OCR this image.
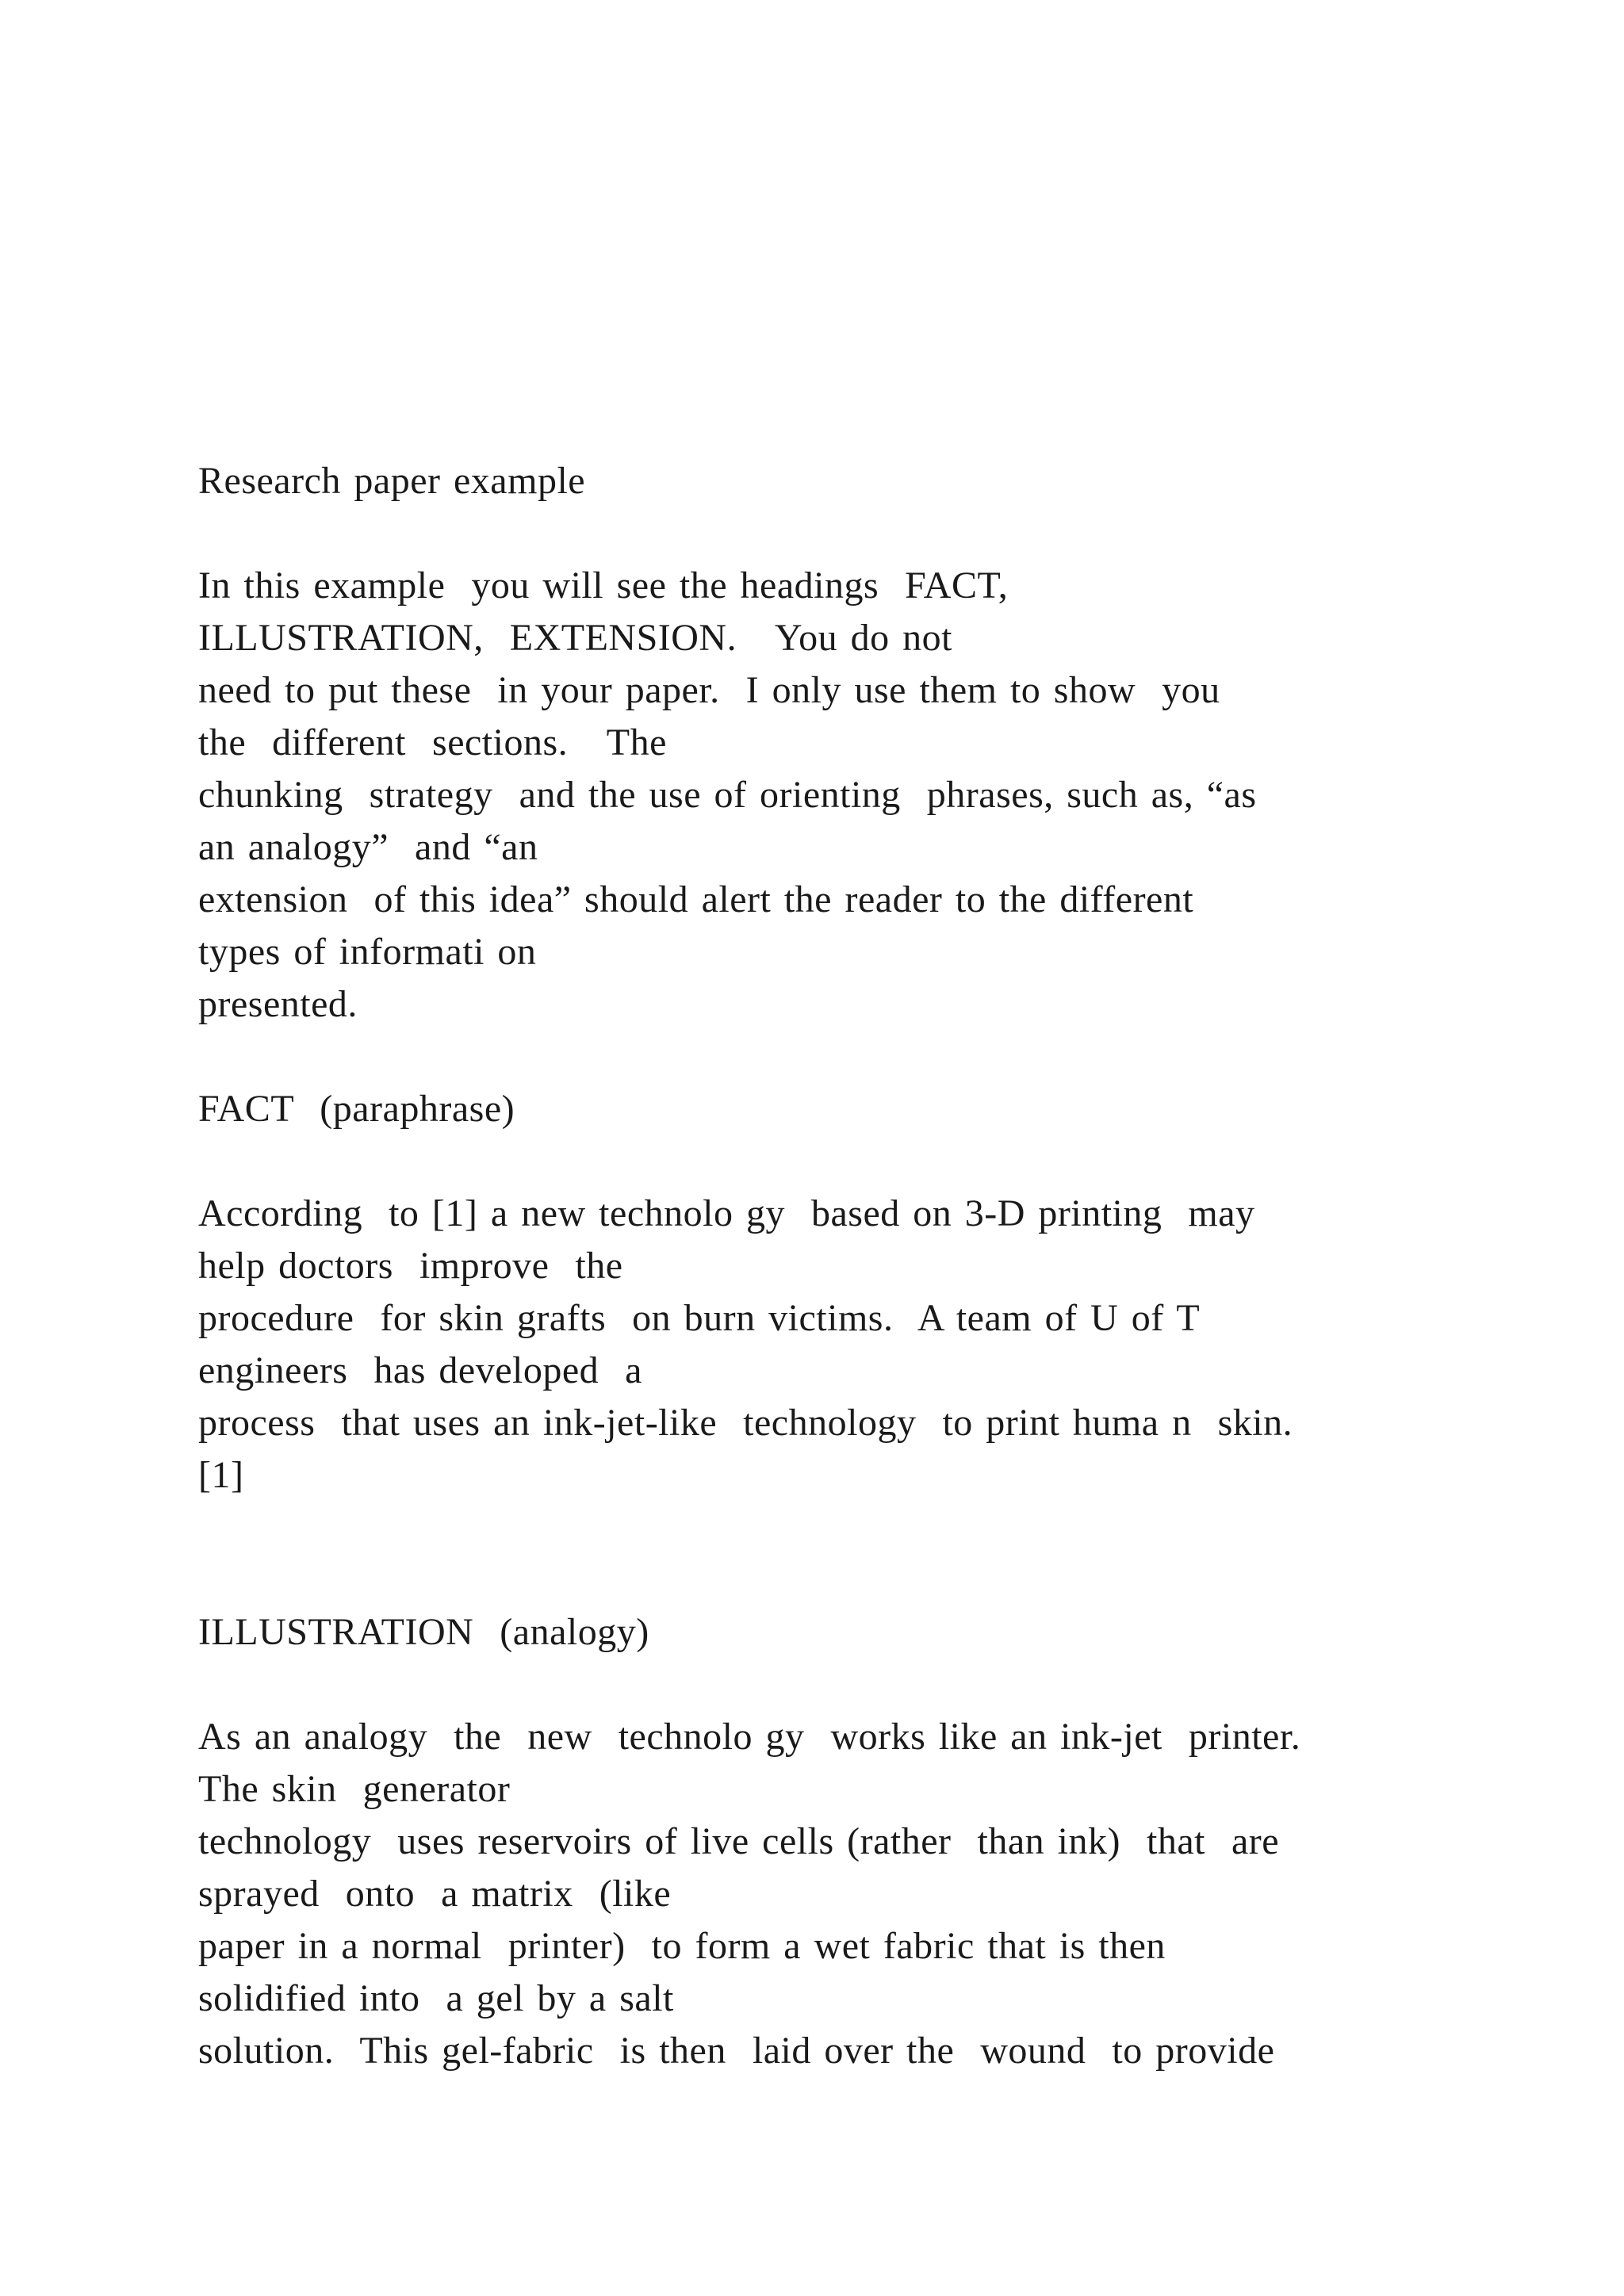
Research paper example
In this example  you will see the headings  FACT,
ILLUSTRATION,  EXTENSION.   You do not
need to put these  in your paper.  I only use them to show  you
the  different  sections.   The
chunking  strategy  and the use of orienting  phrases, such as, “as
an analogy”  and “an
extension  of this idea” should alert the reader to the different
types of informati on
presented.
FACT  (paraphrase)
According  to [1] a new technolo gy  based on 3-D printing  may
help doctors  improve  the
procedure  for skin grafts  on burn victims.  A team of U of T
engineers  has developed  a
process  that uses an ink-jet-like  technology  to print huma n  skin.
[1]
ILLUSTRATION  (analogy)
As an analogy  the  new  technolo gy  works like an ink-jet  printer.
The skin  generator
technology  uses reservoirs of live cells (rather  than ink)  that  are
sprayed  onto  a matrix  (like
paper in a normal  printer)  to form a wet fabric that is then
solidified into  a gel by a salt
solution.  This gel-fabric  is then  laid over the  wound  to provide
